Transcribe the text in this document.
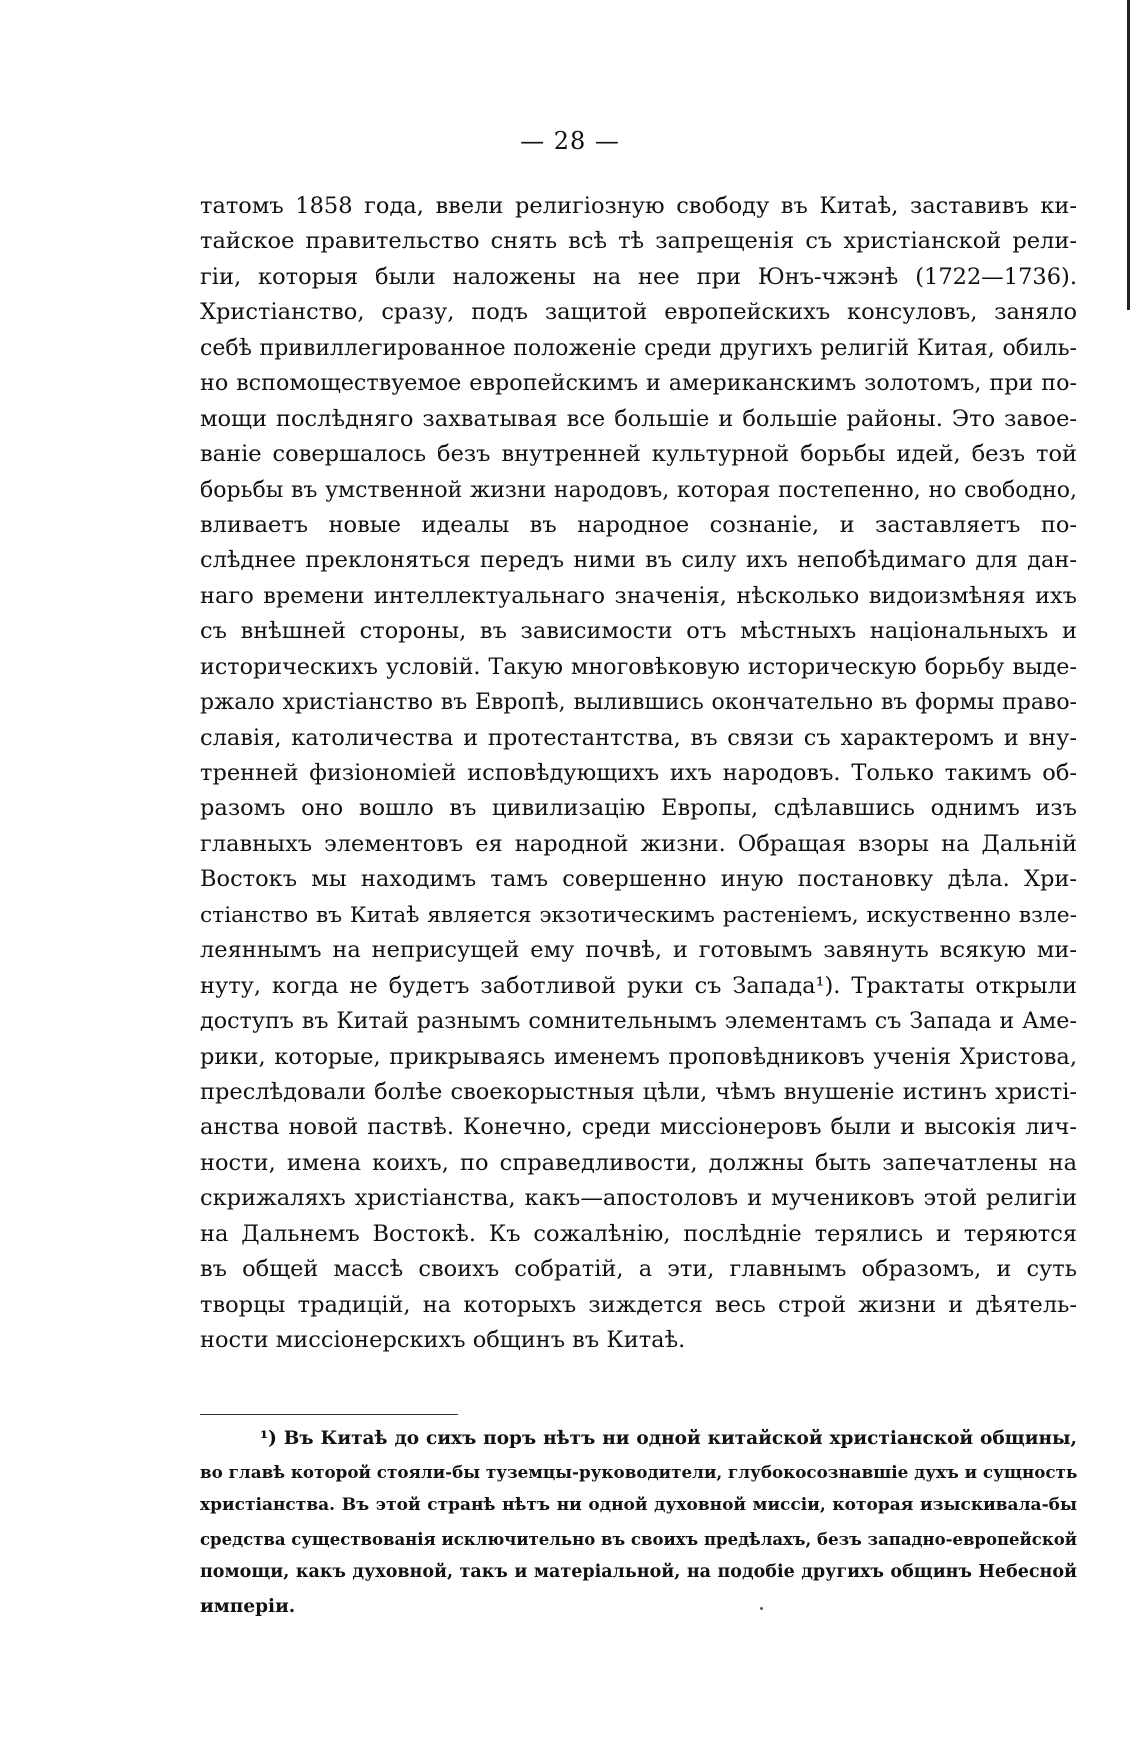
— 28 —
татомъ 1858 года, ввели религіозную свободу въ Китаѣ, заставивъ ки-
тайское правительство снять всѣ тѣ запрещенія съ христіанской рели-
гіи, которыя были наложены на нее при Юнъ-чжэнѣ (1722—1736).
Христіанство, сразу, подъ защитой европейскихъ консуловъ, заняло
себѣ привиллегированное положеніе среди другихъ религій Китая, обиль-
но вспомоществуемое европейскимъ и американскимъ золотомъ, при по-
мощи послѣдняго захватывая все большіе и большіе районы. Это завое-
ваніе совершалось безъ внутренней культурной борьбы идей, безъ той
борьбы въ умственной жизни народовъ, которая постепенно, но свободно,
вливаетъ новые идеалы въ народное сознаніе, и заставляетъ по-
слѣднее преклоняться передъ ними въ силу ихъ непобѣдимаго для дан-
наго времени интеллектуальнаго значенія, нѣсколько видоизмѣняя ихъ
съ внѣшней стороны, въ зависимости отъ мѣстныхъ національныхъ и
историческихъ условій. Такую многовѣковую историческую борьбу выде-
ржало христіанство въ Европѣ, вылившись окончательно въ формы право-
славія, католичества и протестантства, въ связи съ характеромъ и вну-
тренней физіономіей исповѣдующихъ ихъ народовъ. Только такимъ об-
разомъ оно вошло въ цивилизацію Европы, сдѣлавшись однимъ изъ
главныхъ элементовъ ея народной жизни. Обращая взоры на Дальній
Востокъ мы находимъ тамъ совершенно иную постановку дѣла. Хри-
стіанство въ Китаѣ является экзотическимъ растеніемъ, искуственно взле-
леяннымъ на неприсущей ему почвѣ, и готовымъ завянуть всякую ми-
нуту, когда не будетъ заботливой руки съ Запада¹). Трактаты открыли
доступъ въ Китай разнымъ сомнительнымъ элементамъ съ Запада и Аме-
рики, которые, прикрываясь именемъ проповѣдниковъ ученія Христова,
преслѣдовали болѣе своекорыстныя цѣли, чѣмъ внушеніе истинъ христі-
анства новой паствѣ. Конечно, среди миссіонеровъ были и высокія лич-
ности, имена коихъ, по справедливости, должны быть запечатлены на
скрижаляхъ христіанства, какъ—апостоловъ и мучениковъ этой религіи
на Дальнемъ Востокѣ. Къ сожалѣнію, послѣдніе терялись и теряются
въ общей массѣ своихъ собратій, а эти, главнымъ образомъ, и суть
творцы традицій, на которыхъ зиждется весь строй жизни и дѣятель-
ности миссіонерскихъ общинъ въ Китаѣ.
¹) Въ Китаѣ до сихъ поръ нѣтъ ни одной китайской христіанской общины,
во главѣ которой стояли-бы туземцы-руководители, глубокосознавшіе духъ и сущность
христіанства. Въ этой странѣ нѣтъ ни одной духовной миссіи, которая изыскивала-бы
средства существованія исключительно въ своихъ предѣлахъ, безъ западно-европейской
помощи, какъ духовной, такъ и матеріальной, на подобіе другихъ общинъ Небесной
имперіи.
